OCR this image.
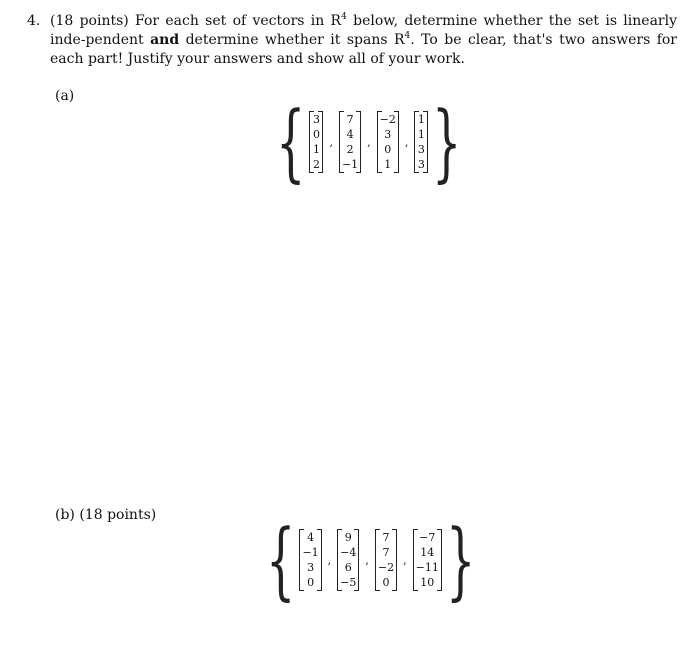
4. (18 points) For each set of vectors in $R^4$ below, determine whether the set is linearly inde-pendent and determine whether it spans $R^4$. To be clear, that's two answers for each part! Justify your answers and show all of your work.
(a) { 3
0
1
2
,
7
4
2
−1
,
−2
3
0
1
,
1
1
3
3 }
(b) (18 points) { 4
−1
3
0
,
9
−4
6
−5
,
7
7
−2
0
,
−7
14
−11
10 }
